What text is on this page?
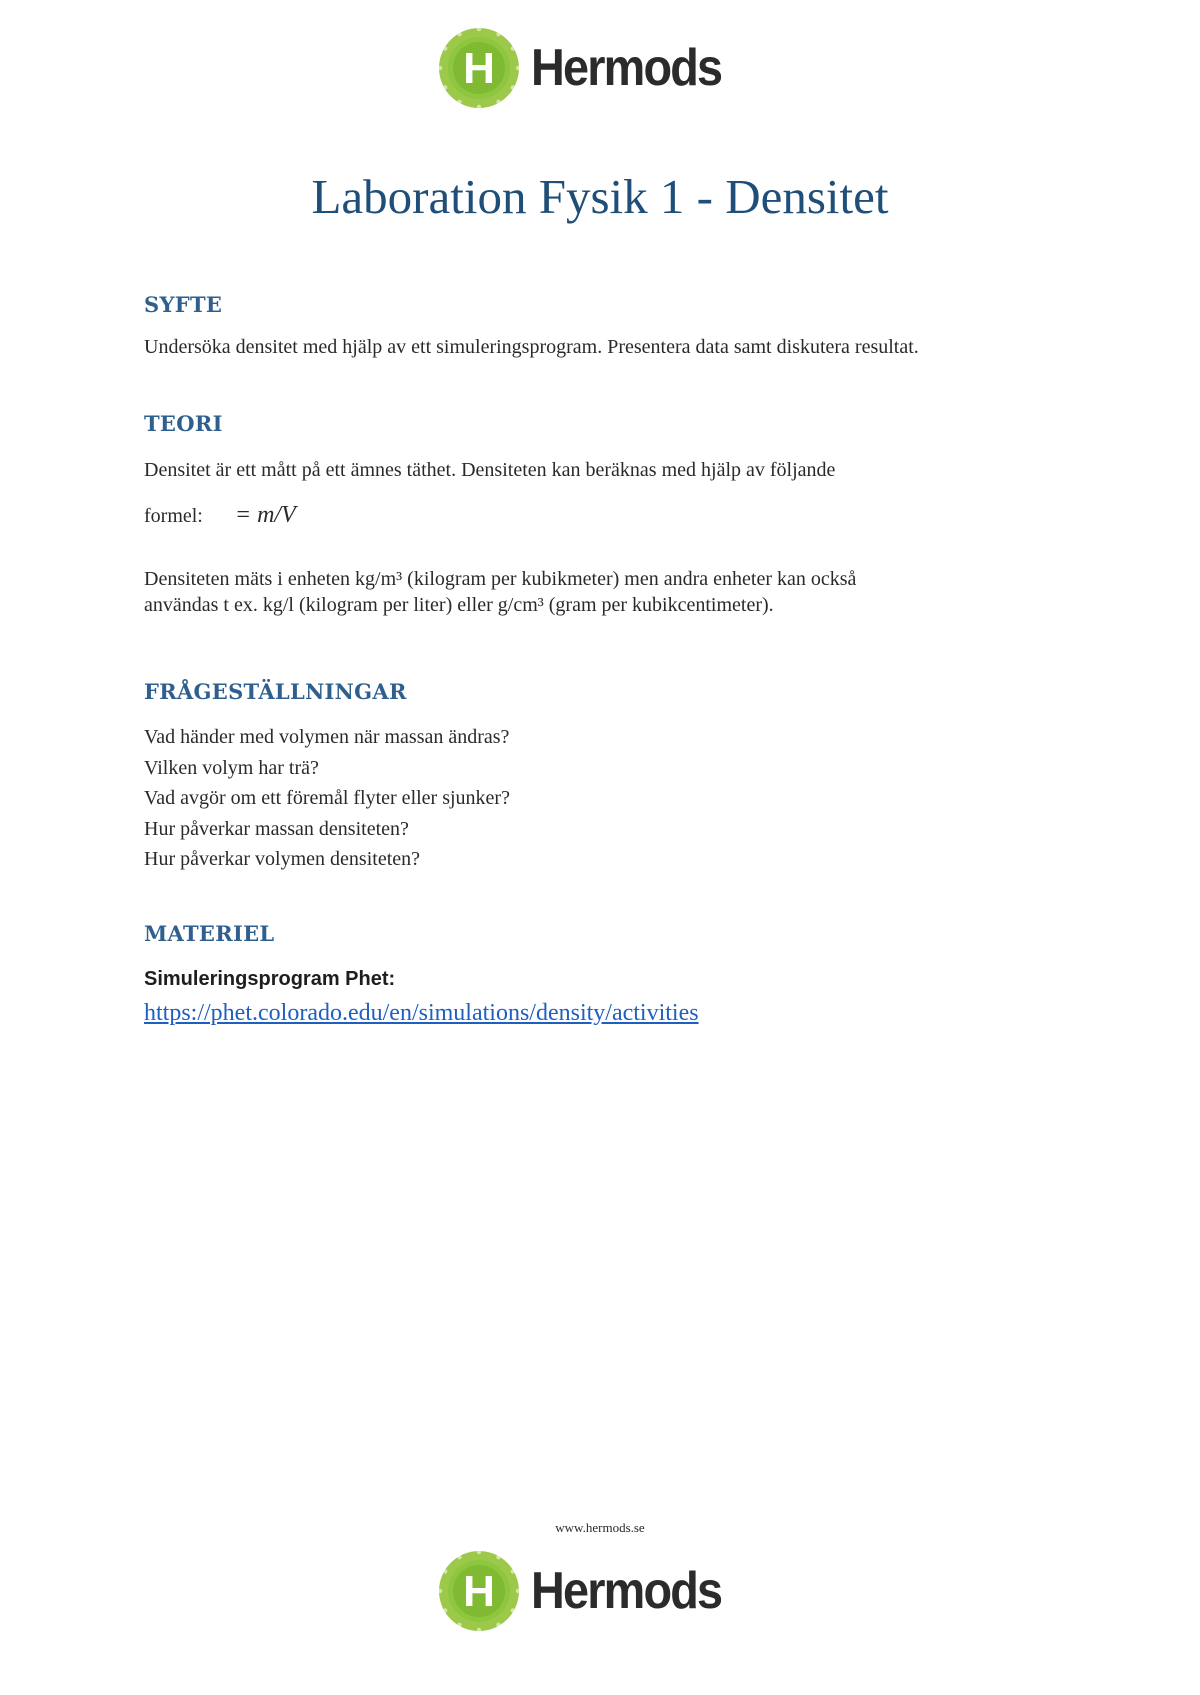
H Hermods
Laboration Fysik 1 - Densitet
SYFTE

Undersöka densitet med hjälp av ett simuleringsprogram. Presentera data samt diskutera resultat.

TEORI

Densitet är ett mått på ett ämnes täthet. Densiteten kan beräknas med hjälp av följande

formel: = m/V

Densiteten mäts i enheten kg/m³ (kilogram per kubikmeter) men andra enheter kan också

användas t ex. kg/l (kilogram per liter) eller g/cm³ (gram per kubikcentimeter).

FRÅGESTÄLLNINGAR
Vad händer med volymen när massan ändras?
Vilken volym har trä?
Vad avgör om ett föremål flyter eller sjunker?
Hur påverkar massan densiteten?
Hur påverkar volymen densiteten?
MATERIEL

Simuleringsprogram Phet:

https://phet.colorado.edu/en/simulations/density/activities
www.hermods.se
H Hermods
